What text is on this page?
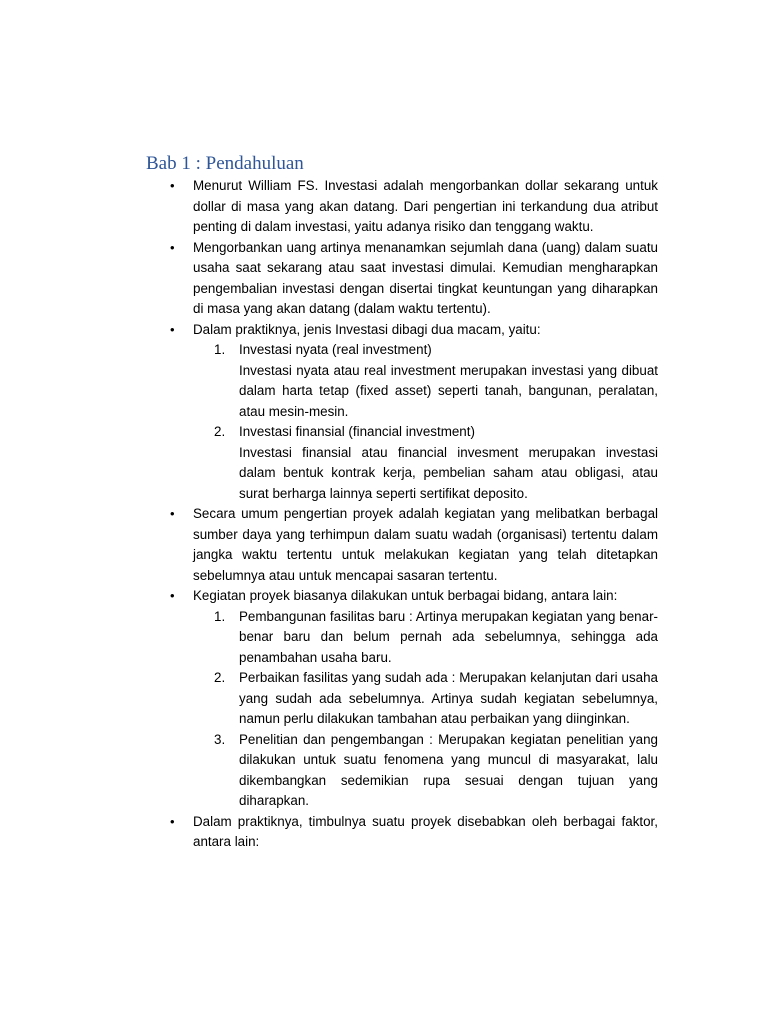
Bab 1 : Pendahuluan
•	Menurut William FS. Investasi adalah mengorbankan dollar sekarang untuk dollar di masa yang akan datang. Dari pengertian ini terkandung dua atribut penting di dalam investasi, yaitu adanya risiko dan tenggang waktu.
•	Mengorbankan uang artinya menanamkan sejumlah dana (uang) dalam suatu usaha saat sekarang atau saat investasi dimulai. Kemudian mengharapkan pengembalian investasi dengan disertai tingkat keuntungan yang diharapkan di masa yang akan datang (dalam waktu tertentu).
•	Dalam praktiknya, jenis Investasi dibagi dua macam, yaitu:
1.	Investasi nyata (real investment)
Investasi nyata atau real investment merupakan investasi yang dibuat dalam harta tetap (fixed asset) seperti tanah, bangunan, peralatan, atau mesin-mesin.
2.	Investasi finansial (financial investment)
Investasi finansial atau financial invesment merupakan investasi dalam bentuk kontrak kerja, pembelian saham atau obligasi, atau surat berharga lainnya seperti sertifikat deposito.
•	Secara umum pengertian proyek adalah kegiatan yang melibatkan berbagal sumber daya yang terhimpun dalam suatu wadah (organisasi) tertentu dalam jangka waktu tertentu untuk melakukan kegiatan yang telah ditetapkan sebelumnya atau untuk mencapai sasaran tertentu.
•	Kegiatan proyek biasanya dilakukan untuk berbagai bidang, antara lain:
1.	Pembangunan fasilitas baru : Artinya merupakan kegiatan yang benar-benar baru dan belum pernah ada sebelumnya, sehingga ada penambahan usaha baru.
2.	Perbaikan fasilitas yang sudah ada : Merupakan kelanjutan dari usaha yang sudah ada sebelumnya. Artinya sudah kegiatan sebelumnya, namun perlu dilakukan tambahan atau perbaikan yang diinginkan.
3.	Penelitian dan pengembangan : Merupakan kegiatan penelitian yang dilakukan untuk suatu fenomena yang muncul di masyarakat, lalu dikembangkan sedemikian rupa sesuai dengan tujuan yang diharapkan.
•	Dalam praktiknya, timbulnya suatu proyek disebabkan oleh berbagai faktor, antara lain:
